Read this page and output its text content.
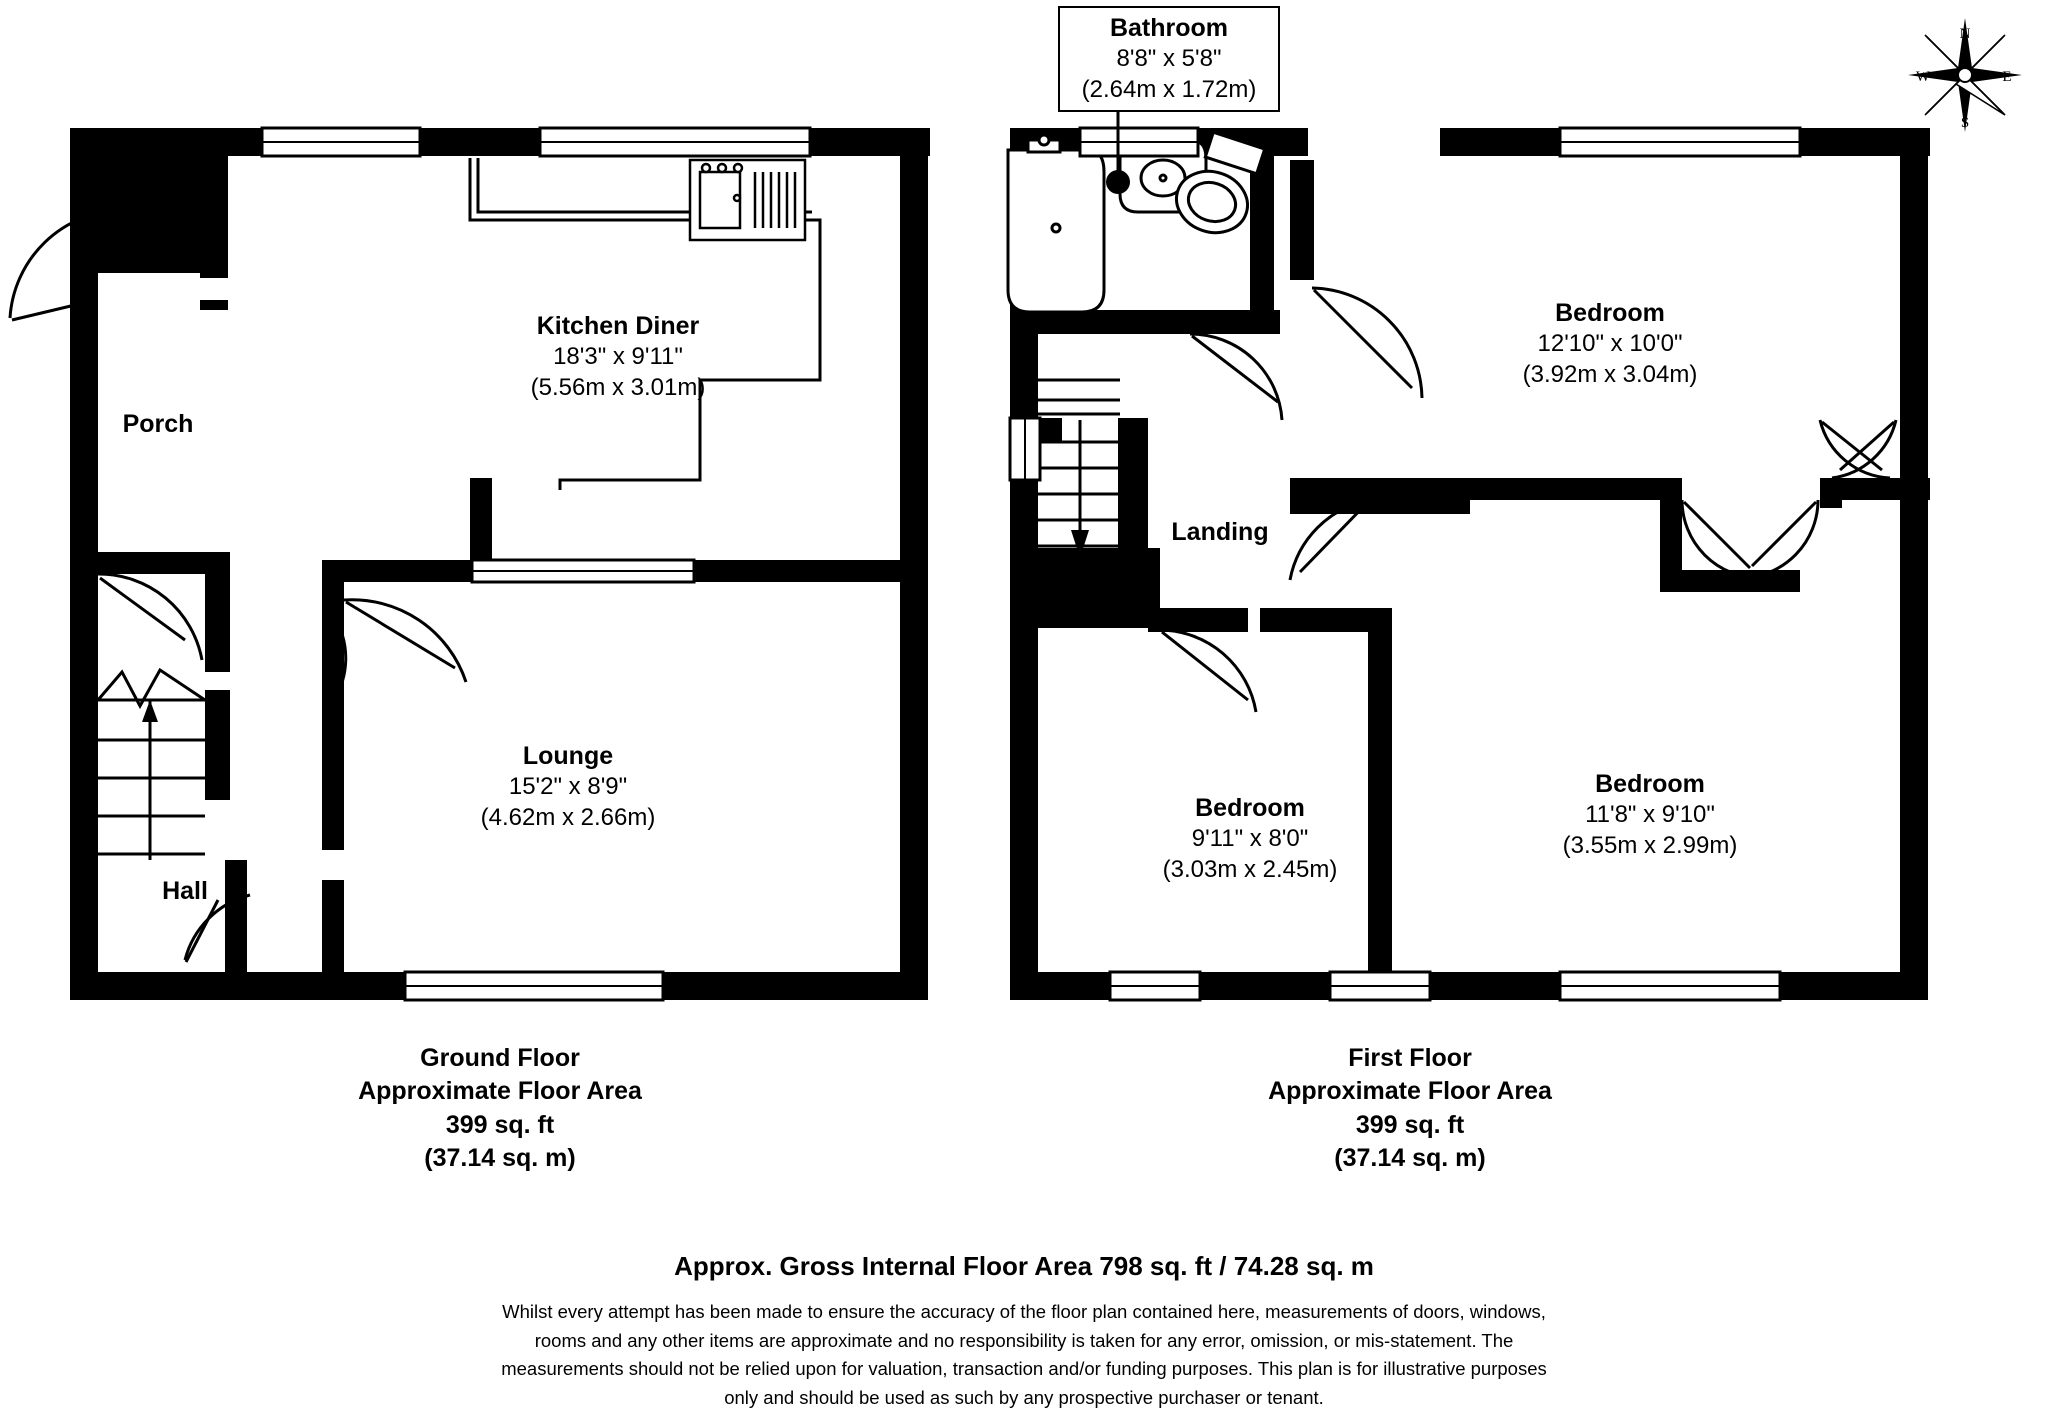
Kitchen Diner
18'3" x 9'11"
(5.56m x 3.01m)
Lounge
15'2" x 8'9"
(4.62m x 2.66m)
Porch
Hall
Ground Floor
Approximate Floor Area
399 sq. ft
(37.14 sq. m)
Bedroom
12'10" x 10'0"
(3.92m x 3.04m)
Bedroom
11'8" x 9'10"
(3.55m x 2.99m)
Bedroom
9'11" x 8'0"
(3.03m x 2.45m)
Landing
First Floor
Approximate Floor Area
399 sq. ft
(37.14 sq. m)
Bathroom
8'8" x 5'8"
(2.64m x 1.72m)
N
E
S
W
Approx. Gross Internal Floor Area 798 sq. ft / 74.28 sq. m
Whilst every attempt has been made to ensure the accuracy of the floor plan contained here, measurements of doors, windows,
rooms and any other items are approximate and no responsibility is taken for any error, omission, or mis-statement. The
measurements should not be relied upon for valuation, transaction and/or funding purposes. This plan is for illustrative purposes
only and should be used as such by any prospective purchaser or tenant.
